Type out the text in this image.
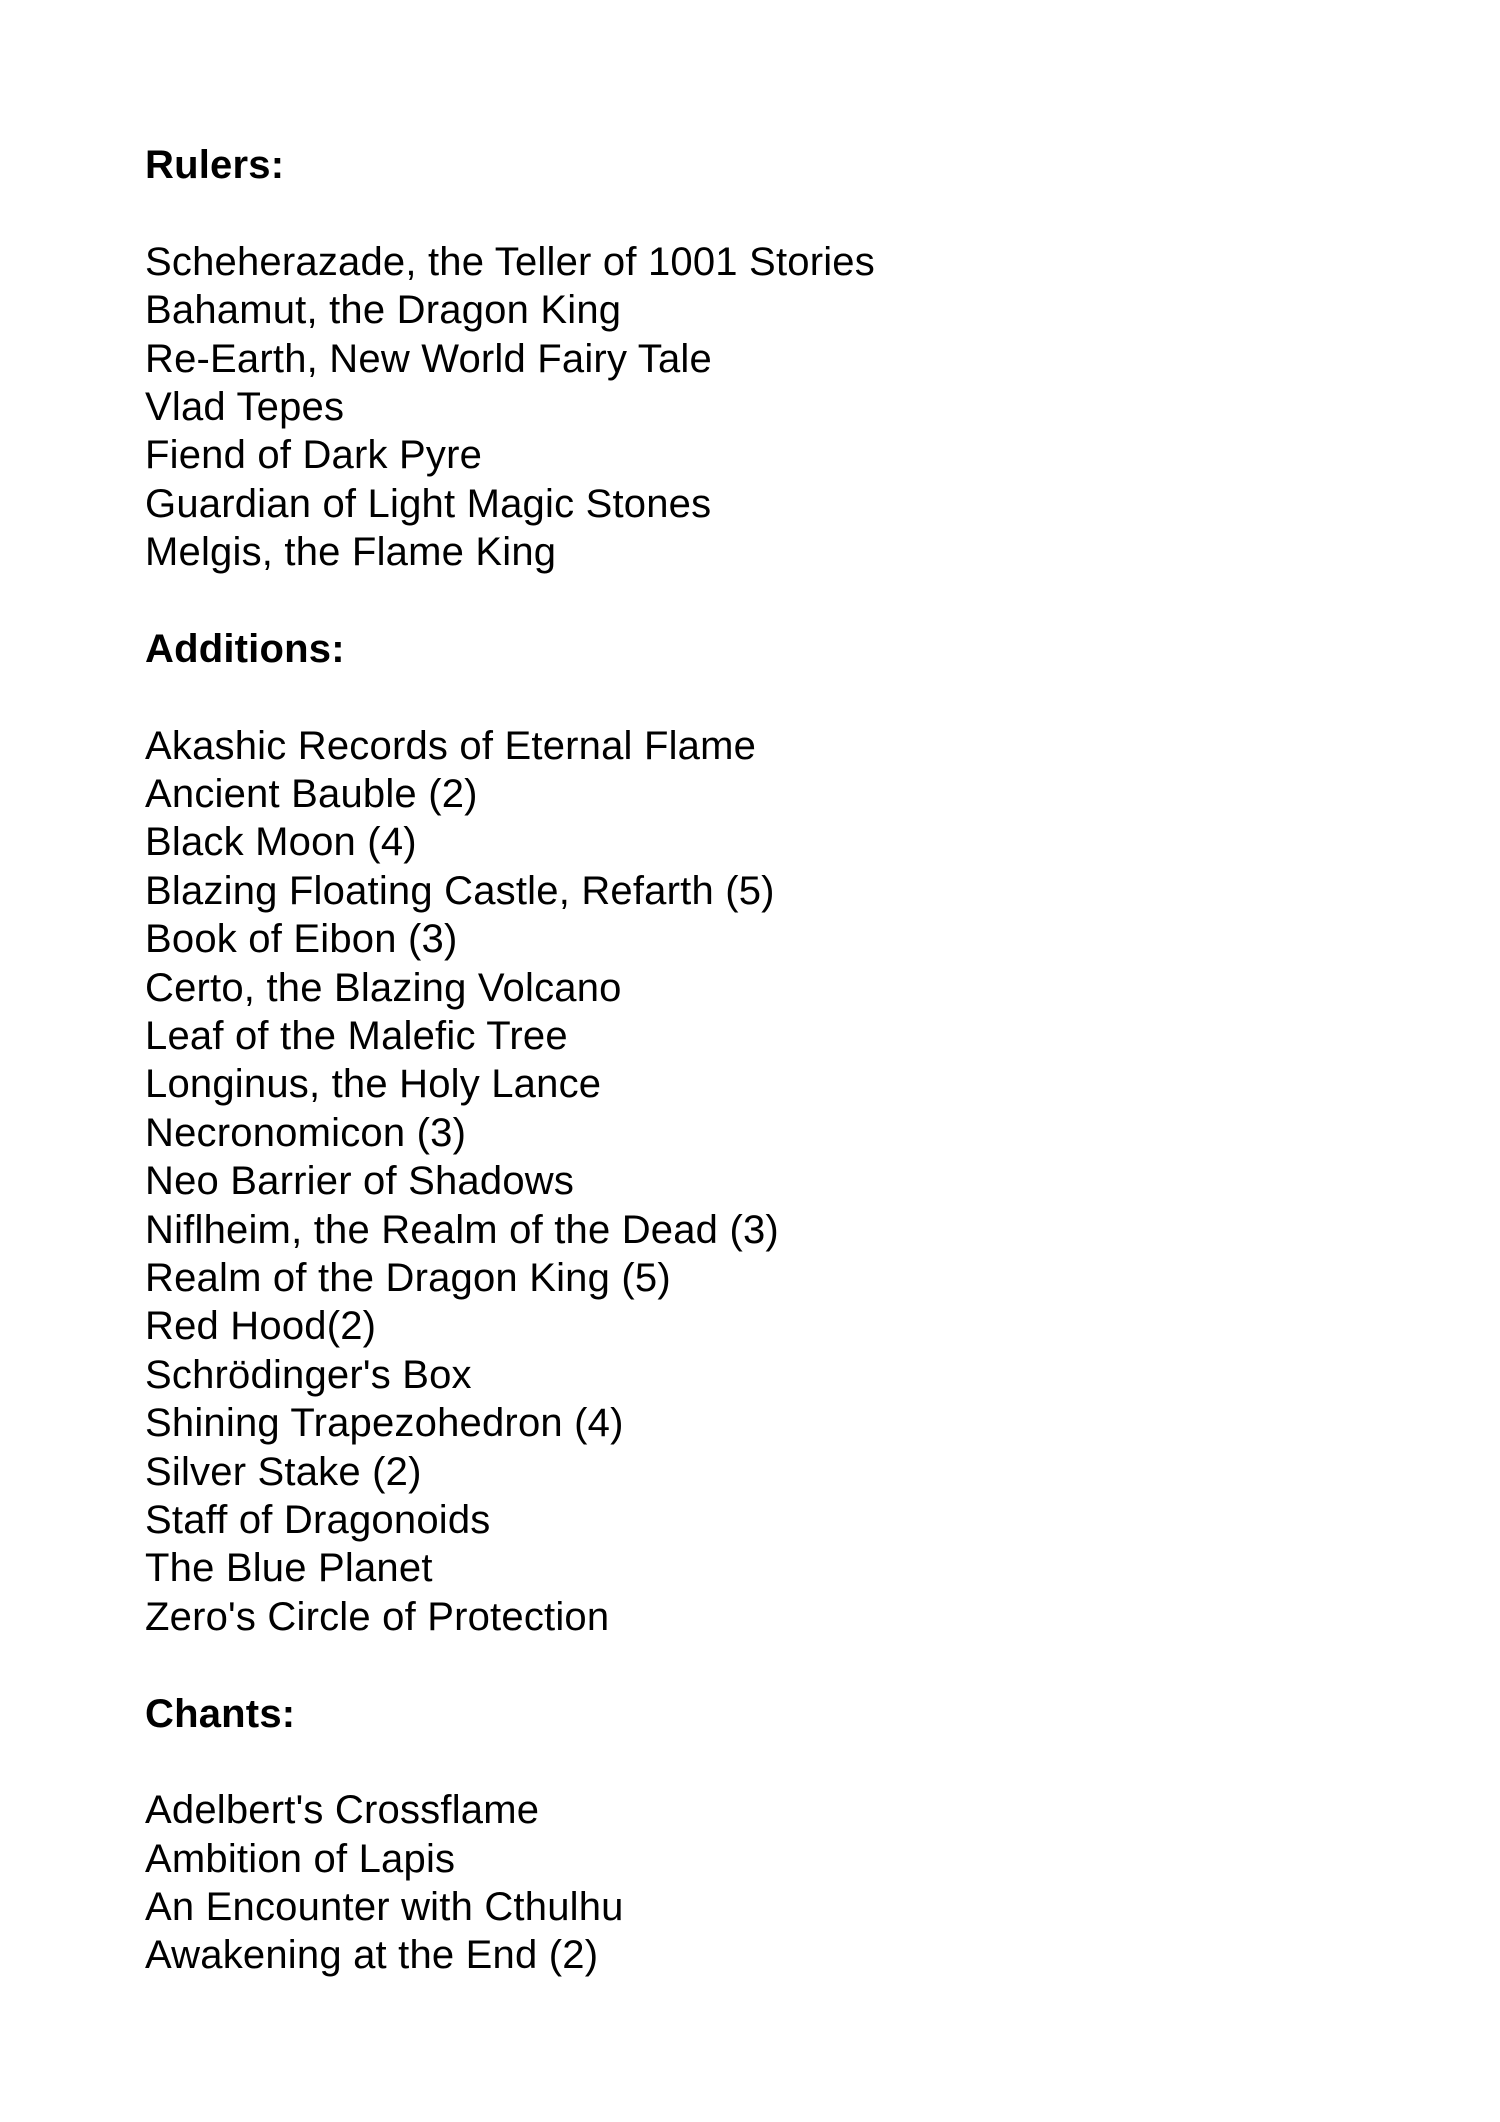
Rulers:
Scheherazade, the Teller of 1001 Stories
Bahamut, the Dragon King
Re-Earth, New World Fairy Tale
Vlad Tepes
Fiend of Dark Pyre
Guardian of Light Magic Stones
Melgis, the Flame King
Additions:
Akashic Records of Eternal Flame
Ancient Bauble (2)
Black Moon (4)
Blazing Floating Castle, Refarth (5)
Book of Eibon (3)
Certo, the Blazing Volcano
Leaf of the Malefic Tree
Longinus, the Holy Lance
Necronomicon (3)
Neo Barrier of Shadows
Niflheim, the Realm of the Dead (3)
Realm of the Dragon King (5)
Red Hood(2)
Schrödinger's Box
Shining Trapezohedron (4)
Silver Stake (2)
Staff of Dragonoids
The Blue Planet
Zero's Circle of Protection
Chants:
Adelbert's Crossflame
Ambition of Lapis
An Encounter with Cthulhu
Awakening at the End (2)
